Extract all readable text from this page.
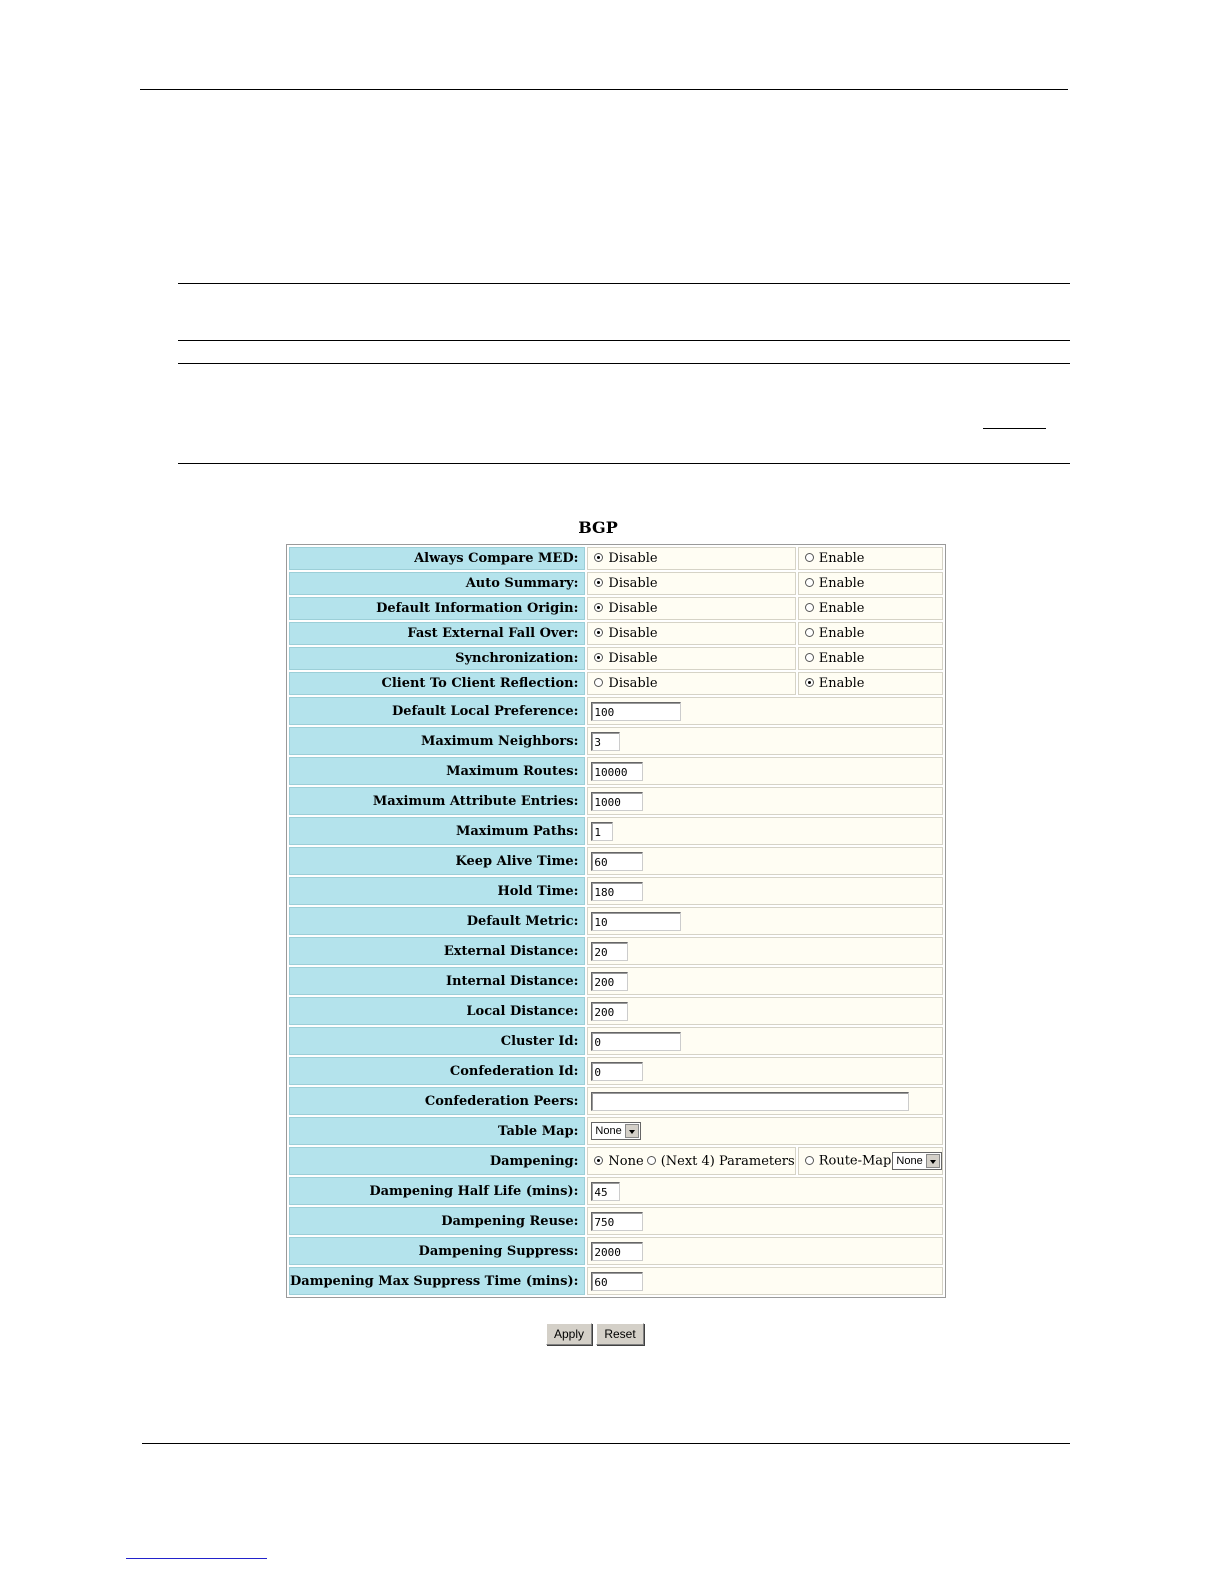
BGP
Always Compare MED:	Disable	Enable
Auto Summary:	Disable	Enable
Default Information Origin:	Disable	Enable
Fast External Fall Over:	Disable	Enable
Synchronization:	Disable	Enable
Client To Client Reflection:	Disable	Enable
Default Local Preference:	100	
Maximum Neighbors:	3	
Maximum Routes:	10000	
Maximum Attribute Entries:	1000	
Maximum Paths:	1	
Keep Alive Time:	60	
Hold Time:	180	
Default Metric:	10	
External Distance:	20	
Internal Distance:	200	
Local Distance:	200	
Cluster Id:	0	
Confederation Id:	0	
Confederation Peers:		
Table Map:	None	

Dampening:	None (Next 4) Parameters	Route-Map None

Dampening Half Life (mins):	45	
Dampening Reuse:	750	
Dampening Suppress:	2000	
Dampening Max Suppress Time (mins):	60	
Apply	Reset
